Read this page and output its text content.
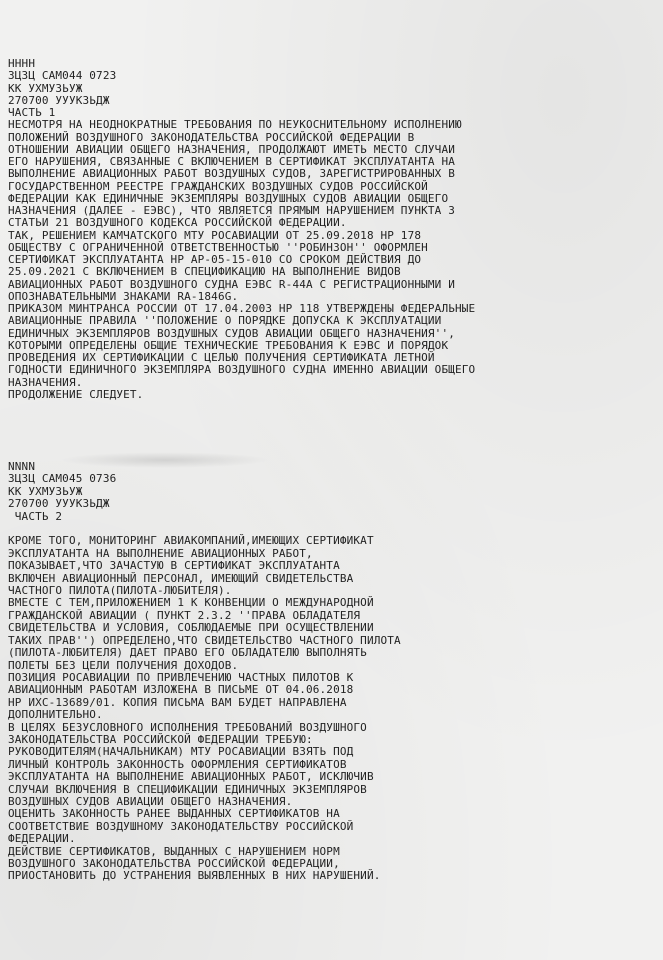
НННН
ЗЦЗЦ САМ044 0723
КК УХМУЗЬУЖ
270700 УУУКЗЬДЖ
ЧАСТЬ 1
НЕСМОТРЯ НА НЕОДНОКРАТНЫЕ ТРЕБОВАНИЯ ПО НЕУКОСНИТЕЛЬНОМУ ИСПОЛНЕНИЮ
ПОЛОЖЕНИЙ ВОЗДУШНОГО ЗАКОНОДАТЕЛЬСТВА РОССИЙСКОЙ ФЕДЕРАЦИИ В
ОТНОШЕНИИ АВИАЦИИ ОБЩЕГО НАЗНАЧЕНИЯ, ПРОДОЛЖАЮТ ИМЕТЬ МЕСТО СЛУЧАИ
ЕГО НАРУШЕНИЯ, СВЯЗАННЫЕ С ВКЛЮЧЕНИЕМ В СЕРТИФИКАТ ЭКСПЛУАТАНТА НА
ВЫПОЛНЕНИЕ АВИАЦИОННЫХ РАБОТ ВОЗДУШНЫХ СУДОВ, ЗАРЕГИСТРИРОВАННЫХ В
ГОСУДАРСТВЕННОМ РЕЕСТРЕ ГРАЖДАНСКИХ ВОЗДУШНЫХ СУДОВ РОССИЙСКОЙ
ФЕДЕРАЦИИ КАК ЕДИНИЧНЫЕ ЭКЗЕМПЛЯРЫ ВОЗДУШНЫХ СУДОВ АВИАЦИИ ОБЩЕГО
НАЗНАЧЕНИЯ (ДАЛЕЕ - ЕЭВС), ЧТО ЯВЛЯЕТСЯ ПРЯМЫМ НАРУШЕНИЕМ ПУНКТА 3
СТАТЬИ 21 ВОЗДУШНОГО КОДЕКСА РОССИЙСКОЙ ФЕДЕРАЦИИ.
ТАК, РЕШЕНИЕМ КАМЧАТСКОГО МТУ РОСАВИАЦИИ ОТ 25.09.2018 НР 178
ОБЩЕСТВУ С ОГРАНИЧЕННОЙ ОТВЕТСТВЕННОСТЬЮ ''РОБИНЗОН'' ОФОРМЛЕН
СЕРТИФИКАТ ЭКСПЛУАТАНТА НР АР-05-15-010 СО СРОКОМ ДЕЙСТВИЯ ДО
25.09.2021 С ВКЛЮЧЕНИЕМ В СПЕЦИФИКАЦИЮ НА ВЫПОЛНЕНИЕ ВИДОВ
АВИАЦИОННЫХ РАБОТ ВОЗДУШНОГО СУДНА ЕЭВС R-44А С РЕГИСТРАЦИОННЫМИ И
ОПОЗНАВАТЕЛЬНЫМИ ЗНАКАМИ RA-1846G.
ПРИКАЗОМ МИНТРАНСА РОССИИ ОТ 17.04.2003 НР 118 УТВЕРЖДЕНЫ ФЕДЕРАЛЬНЫЕ
АВИАЦИОННЫЕ ПРАВИЛА ''ПОЛОЖЕНИЕ О ПОРЯДКЕ ДОПУСКА К ЭКСПЛУАТАЦИИ
ЕДИНИЧНЫХ ЭКЗЕМПЛЯРОВ ВОЗДУШНЫХ СУДОВ АВИАЦИИ ОБЩЕГО НАЗНАЧЕНИЯ'',
КОТОРЫМИ ОПРЕДЕЛЕНЫ ОБЩИЕ ТЕХНИЧЕСКИЕ ТРЕБОВАНИЯ К ЕЭВС И ПОРЯДОК
ПРОВЕДЕНИЯ ИХ СЕРТИФИКАЦИИ С ЦЕЛЬЮ ПОЛУЧЕНИЯ СЕРТИФИКАТА ЛЕТНОЙ
ГОДНОСТИ ЕДИНИЧНОГО ЭКЗЕМПЛЯРА ВОЗДУШНОГО СУДНА ИМЕННО АВИАЦИИ ОБЩЕГО
НАЗНАЧЕНИЯ.
ПРОДОЛЖЕНИЕ СЛЕДУЕТ.
NNNN
ЗЦЗЦ САМ045 0736
КК УХМУЗЬУЖ
270700 УУУКЗЬДЖ
ЧАСТЬ 2

КРОМЕ ТОГО, МОНИТОРИНГ АВИАКОМПАНИЙ,ИМЕЮЩИХ СЕРТИФИКАТ
ЭКСПЛУАТАНТА НА ВЫПОЛНЕНИЕ АВИАЦИОННЫХ РАБОТ,
ПОКАЗЫВАЕТ,ЧТО ЗАЧАСТУЮ В СЕРТИФИКАТ ЭКСПЛУАТАНТА
ВКЛЮЧЕН АВИАЦИОННЫЙ ПЕРСОНАЛ, ИМЕЮЩИЙ СВИДЕТЕЛЬСТВА
ЧАСТНОГО ПИЛОТА(ПИЛОТА-ЛЮБИТЕЛЯ).
ВМЕСТЕ С ТЕМ,ПРИЛОЖЕНИЕМ 1 К КОНВЕНЦИИ О МЕЖДУНАРОДНОЙ
ГРАЖДАНСКОЙ АВИАЦИИ ( ПУНКТ 2.3.2 ''ПРАВА ОБЛАДАТЕЛЯ
СВИДЕТЕЛЬСТВА И УСЛОВИЯ, СОБЛЮДАЕМЫЕ ПРИ ОСУЩЕСТВЛЕНИИ
ТАКИХ ПРАВ'') ОПРЕДЕЛЕНО,ЧТО СВИДЕТЕЛЬСТВО ЧАСТНОГО ПИЛОТА
(ПИЛОТА-ЛЮБИТЕЛЯ) ДАЕТ ПРАВО ЕГО ОБЛАДАТЕЛЮ ВЫПОЛНЯТЬ
ПОЛЕТЫ БЕЗ ЦЕЛИ ПОЛУЧЕНИЯ ДОХОДОВ.
ПОЗИЦИЯ РОСАВИАЦИИ ПО ПРИВЛЕЧЕНИЮ ЧАСТНЫХ ПИЛОТОВ К
АВИАЦИОННЫМ РАБОТАМ ИЗЛОЖЕНА В ПИСЬМЕ ОТ 04.06.2018
НР ИХС-13689/01. КОПИЯ ПИСЬМА ВАМ БУДЕТ НАПРАВЛЕНА
ДОПОЛНИТЕЛЬНО.
В ЦЕЛЯХ БЕЗУСЛОВНОГО ИСПОЛНЕНИЯ ТРЕБОВАНИЙ ВОЗДУШНОГО
ЗАКОНОДАТЕЛЬСТВА РОССИЙСКОЙ ФЕДЕРАЦИИ ТРЕБУЮ:
РУКОВОДИТЕЛЯМ(НАЧАЛЬНИКАМ) МТУ РОСАВИАЦИИ ВЗЯТЬ ПОД
ЛИЧНЫЙ КОНТРОЛЬ ЗАКОННОСТЬ ОФОРМЛЕНИЯ СЕРТИФИКАТОВ
ЭКСПЛУАТАНТА НА ВЫПОЛНЕНИЕ АВИАЦИОННЫХ РАБОТ, ИСКЛЮЧИВ
СЛУЧАИ ВКЛЮЧЕНИЯ В СПЕЦИФИКАЦИИ ЕДИНИЧНЫХ ЭКЗЕМПЛЯРОВ
ВОЗДУШНЫХ СУДОВ АВИАЦИИ ОБЩЕГО НАЗНАЧЕНИЯ.
ОЦЕНИТЬ ЗАКОННОСТЬ РАНЕЕ ВЫДАННЫХ СЕРТИФИКАТОВ НА
СООТВЕТСТВИЕ ВОЗДУШНОМУ ЗАКОНОДАТЕЛЬСТВУ РОССИЙСКОЙ
ФЕДЕРАЦИИ.
ДЕЙСТВИЕ СЕРТИФИКАТОВ, ВЫДАННЫХ С НАРУШЕНИЕМ НОРМ
ВОЗДУШНОГО ЗАКОНОДАТЕЛЬСТВА РОССИЙСКОЙ ФЕДЕРАЦИИ,
ПРИОСТАНОВИТЬ ДО УСТРАНЕНИЯ ВЫЯВЛЕННЫХ В НИХ НАРУШЕНИЙ.
